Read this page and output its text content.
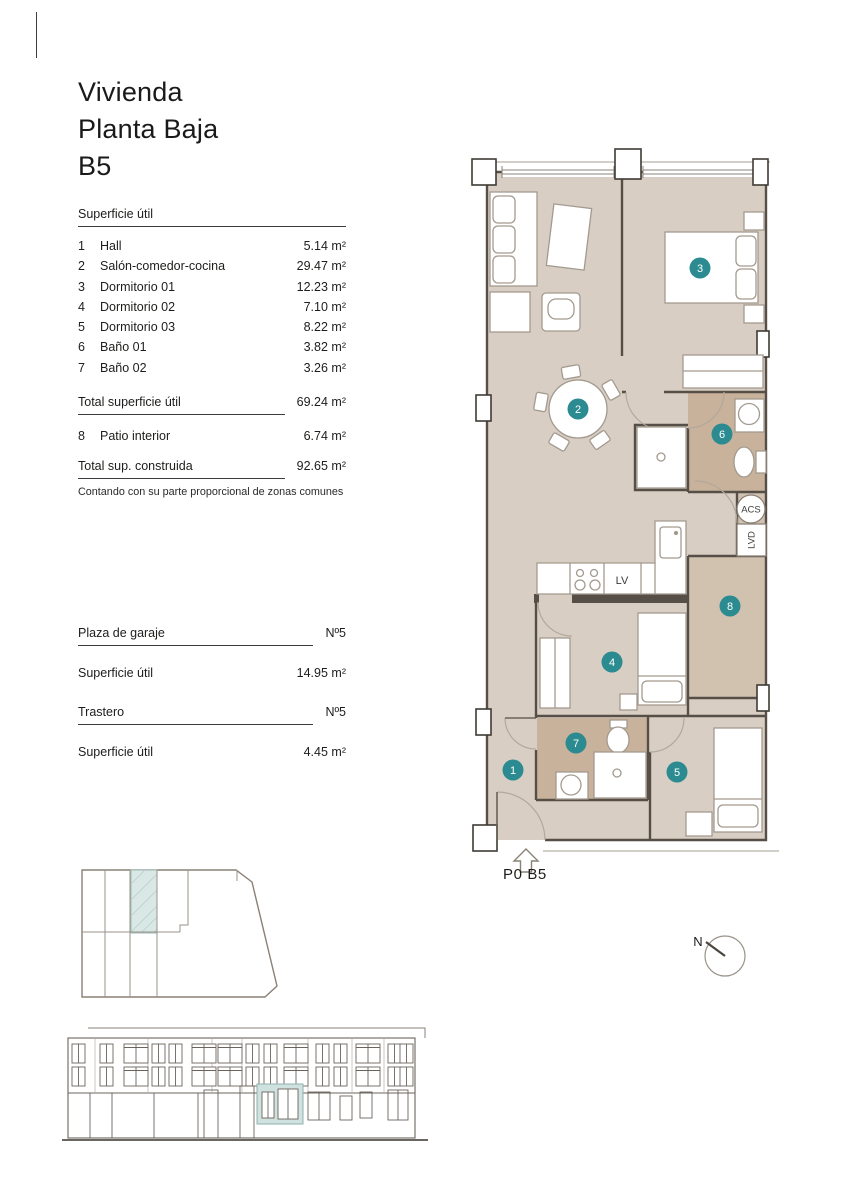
Vivienda
Planta Baja
B5
Superficie útil
1	Hall	5.14 m²
2	Salón-comedor-cocina	29.47 m²
3	Dormitorio 01	12.23 m²
4	Dormitorio 02	7.10 m²
5	Dormitorio 03	8.22 m²
6	Baño 01	3.82 m²
7	Baño 02	3.26 m²
Total superficie útil	69.24 m²
8	Patio interior	6.74 m²
Total sup. construida	92.65 m²
Contando con su parte proporcional de zonas comunes
Plaza de garaje	Nº5
Superficie útil	14.95 m²
Trastero	Nº5
Superficie útil	4.45 m²
ACS
LVD
LV
1
2
3
4
5
6
7
8
P0 B5
N
